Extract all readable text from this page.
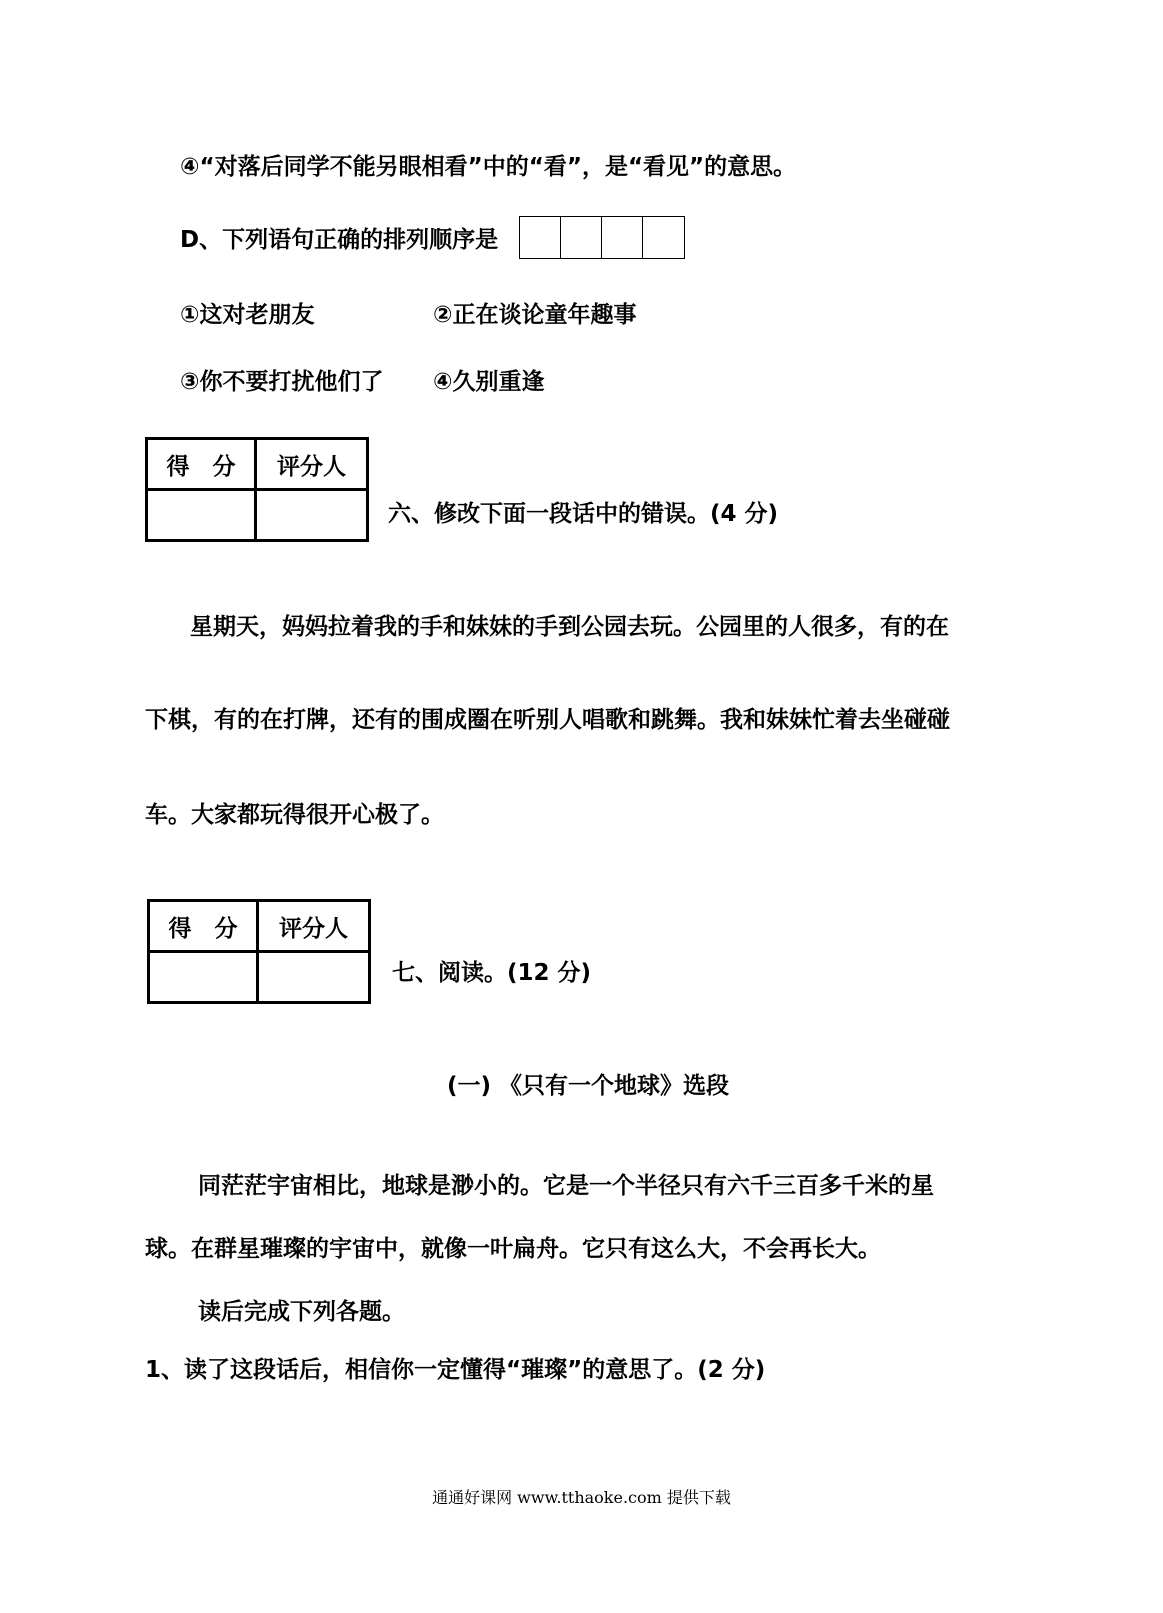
④“对落后同学不能另眼相看”中的“看”，是“看见”的意思。
D、下列语句正确的排列顺序是
①这对老朋友	②正在谈论童年趣事
③你不要打扰他们了 ④久别重逢
得　分	评分人

六、修改下面一段话中的错误。(4 分)
星期天，妈妈拉着我的手和妹妹的手到公园去玩。公园里的人很多，有的在
下棋，有的在打牌，还有的围成圈在听别人唱歌和跳舞。我和妹妹忙着去坐碰碰
车。大家都玩得很开心极了。
得　分	评分人

七、阅读。(12 分)
(一) 《只有一个地球》选段
同茫茫宇宙相比，地球是渺小的。它是一个半径只有六千三百多千米的星
球。在群星璀璨的宇宙中，就像一叶扁舟。它只有这么大，不会再长大。
读后完成下列各题。
1、读了这段话后，相信你一定懂得“璀璨”的意思了。(2 分)
通通好课网 www.tthaoke.com 提供下载
